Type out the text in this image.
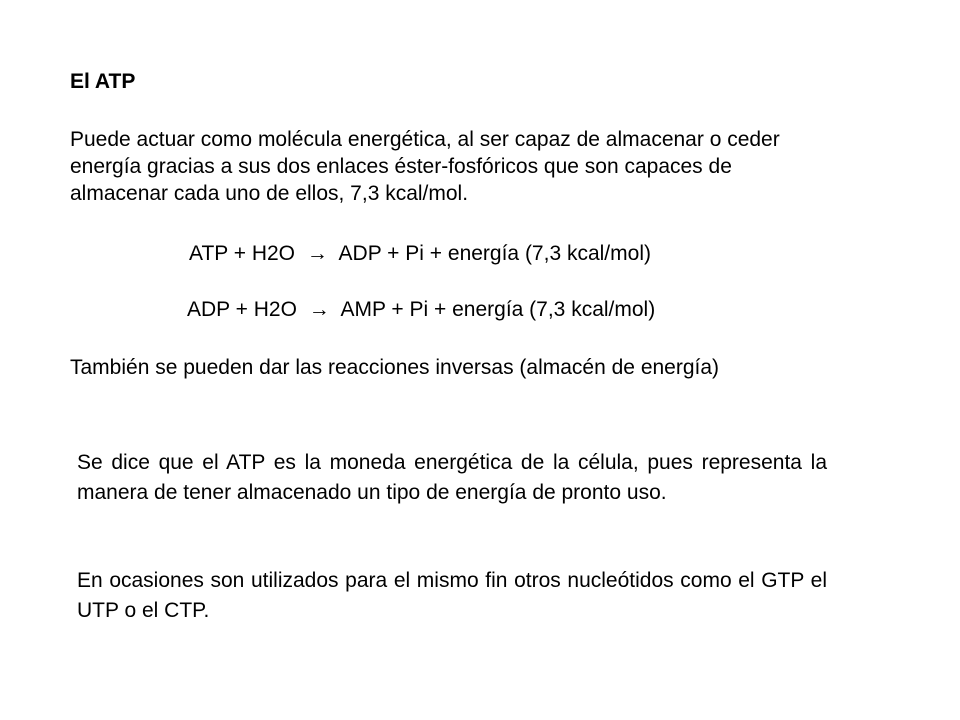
El ATP

Puede actuar como molécula energética, al ser capaz de almacenar o ceder energía gracias a sus dos enlaces éster-fosfóricos que son capaces de almacenar cada uno de ellos, 7,3 kcal/mol.

ATP + H2O → ADP + Pi + energía (7,3 kcal/mol)
ADP + H2O → AMP + Pi + energía (7,3 kcal/mol)
También se pueden dar las reacciones inversas (almacén de energía)

Se dice que el ATP es la moneda energética de la célula, pues representa la manera de tener almacenado un tipo de energía de pronto uso.

En ocasiones son utilizados para el mismo fin otros nucleótidos como el GTP el UTP o el CTP.
